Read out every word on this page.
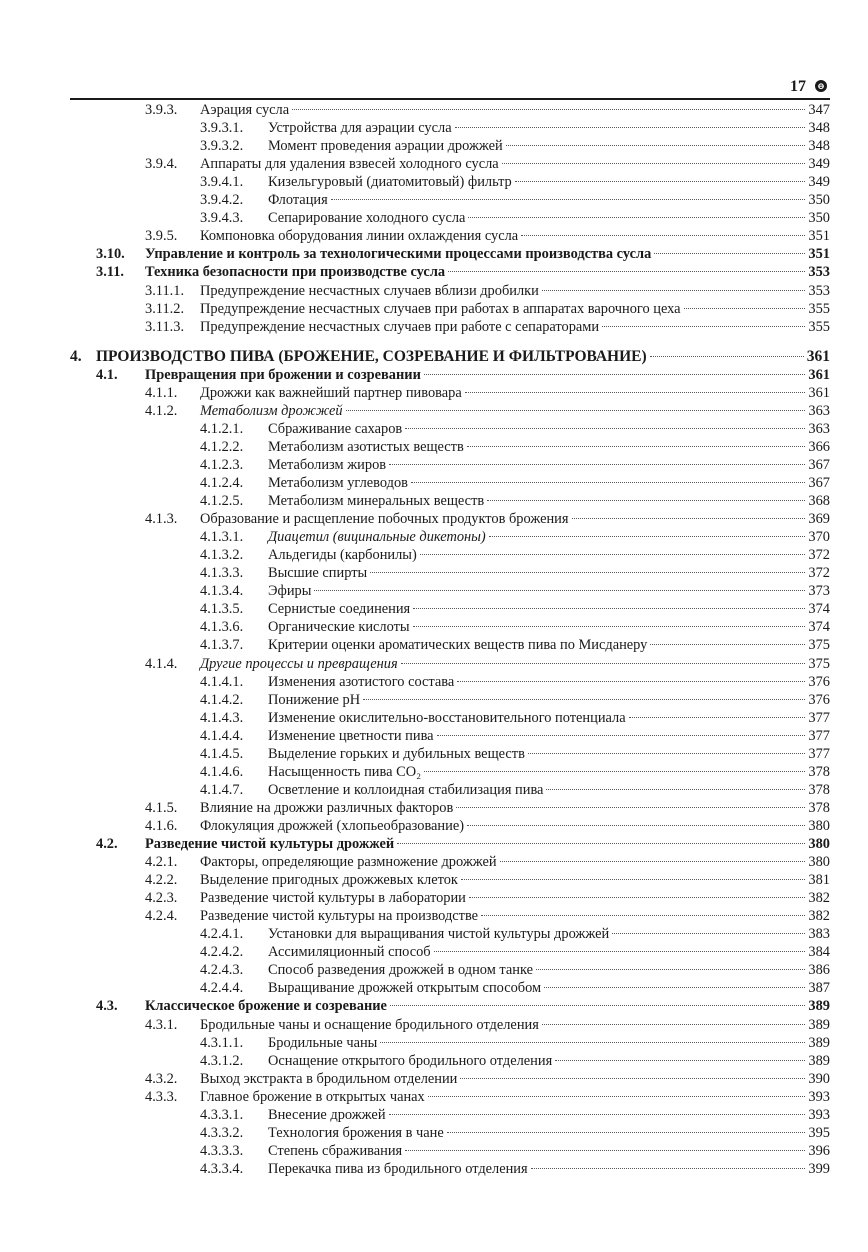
17 ⊖
3.9.3. Аэрация сусла	347
3.9.3.1. Устройства для аэрации сусла	348
3.9.3.2. Момент проведения аэрации дрожжей	348
3.9.4. Аппараты для удаления взвесей холодного сусла	349
3.9.4.1. Кизельгуровый (диатомитовый) фильтр	349
3.9.4.2. Флотация	350
3.9.4.3. Сепарирование холодного сусла	350
3.9.5. Компоновка оборудования линии охлаждения сусла	351
3.10. Управление и контроль за технологическими процессами производства сусла	351
3.11. Техника безопасности при производстве сусла	353
3.11.1. Предупреждение несчастных случаев вблизи дробилки	353
3.11.2. Предупреждение несчастных случаев при работах в аппаратах варочного цеха	355
3.11.3. Предупреждение несчастных случаев при работе с сепараторами	355
4. ПРОИЗВОДСТВО ПИВА (БРОЖЕНИЕ, СОЗРЕВАНИЕ И ФИЛЬТРОВАНИЕ)	361
4.1. Превращения при брожении и созревании	361
4.1.1. Дрожжи как важнейший партнер пивовара	361
4.1.2. Метаболизм дрожжей	363
4.1.2.1. Сбраживание сахаров	363
4.1.2.2. Метаболизм азотистых веществ	366
4.1.2.3. Метаболизм жиров	367
4.1.2.4. Метаболизм углеводов	367
4.1.2.5. Метаболизм минеральных веществ	368
4.1.3. Образование и расщепление побочных продуктов брожения	369
4.1.3.1. Диацетил (вицинальные дикетоны)	370
4.1.3.2. Альдегиды (карбонилы)	372
4.1.3.3. Высшие спирты	372
4.1.3.4. Эфиры	373
4.1.3.5. Сернистые соединения	374
4.1.3.6. Органические кислоты	374
4.1.3.7. Критерии оценки ароматических веществ пива по Мисданеру	375
4.1.4. Другие процессы и превращения	375
4.1.4.1. Изменения азотистого состава	376
4.1.4.2. Понижение рН	376
4.1.4.3. Изменение окислительно-восстановительного потенциала	377
4.1.4.4. Изменение цветности пива	377
4.1.4.5. Выделение горьких и дубильных веществ	377
4.1.4.6. Насыщенность пива CO₂	378
4.1.4.7. Осветление и коллоидная стабилизация пива	378
4.1.5. Влияние на дрожжи различных факторов	378
4.1.6. Флокуляция дрожжей (хлопьеобразование)	380
4.2. Разведение чистой культуры дрожжей	380
4.2.1. Факторы, определяющие размножение дрожжей	380
4.2.2. Выделение пригодных дрожжевых клеток	381
4.2.3. Разведение чистой культуры в лаборатории	382
4.2.4. Разведение чистой культуры на производстве	382
4.2.4.1. Установки для выращивания чистой культуры дрожжей	383
4.2.4.2. Ассимиляционный способ	384
4.2.4.3. Способ разведения дрожжей в одном танке	386
4.2.4.4. Выращивание дрожжей открытым способом	387
4.3. Классическое брожение и созревание	389
4.3.1. Бродильные чаны и оснащение бродильного отделения	389
4.3.1.1. Бродильные чаны	389
4.3.1.2. Оснащение открытого бродильного отделения	389
4.3.2. Выход экстракта в бродильном отделении	390
4.3.3. Главное брожение в открытых чанах	393
4.3.3.1. Внесение дрожжей	393
4.3.3.2. Технология брожения в чане	395
4.3.3.3. Степень сбраживания	396
4.3.3.4. Перекачка пива из бродильного отделения	399
